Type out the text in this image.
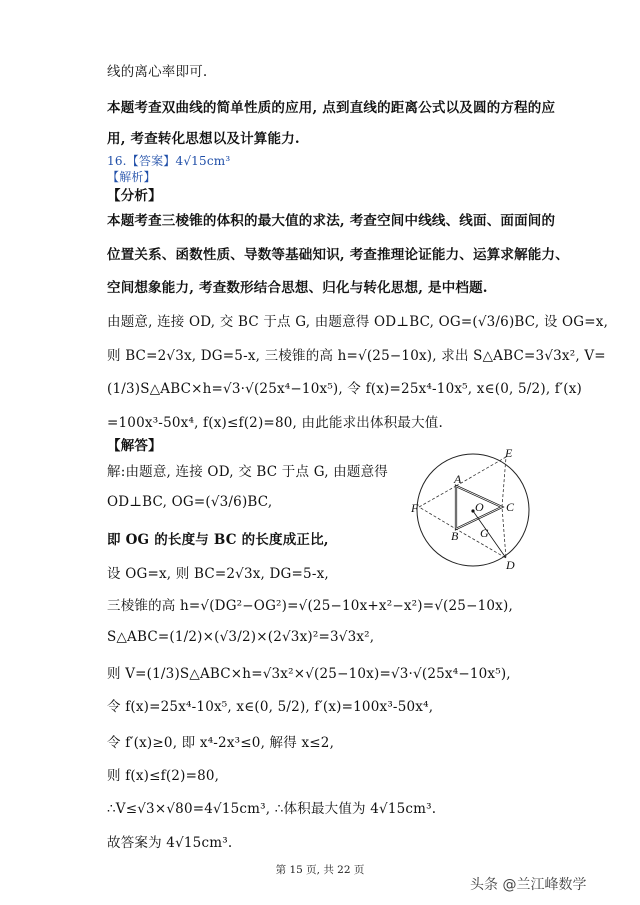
线的离心率即可.
本题考查双曲线的简单性质的应用, 点到直线的距离公式以及圆的方程的应
用, 考查转化思想以及计算能力.
16.【答案】4√15cm³
【解析】
【分析】
本题考查三棱锥的体积的最大值的求法, 考查空间中线线、线面、面面间的
位置关系、函数性质、导数等基础知识, 考查推理论证能力、运算求解能力、
空间想象能力, 考查数形结合思想、归化与转化思想, 是中档题.
由题意, 连接 OD, 交 BC 于点 G, 由题意得 OD⊥BC, OG=(√3/6)BC, 设 OG=x,
则 BC=2√3x, DG=5-x, 三棱锥的高 h=√(25−10x), 求出 S△ABC=3√3x², V=
(1/3)S△ABC×h=√3·√(25x⁴−10x⁵), 令 f(x)=25x⁴-10x⁵, x∈(0, 5/2), f′(x)
=100x³-50x⁴, f(x)≤f(2)=80, 由此能求出体积最大值.
【解答】
解:由题意, 连接 OD, 交 BC 于点 G, 由题意得
OD⊥BC, OG=(√3/6)BC,
即 OG 的长度与 BC 的长度成正比,
设 OG=x, 则 BC=2√3x, DG=5-x,
三棱锥的高 h=√(DG²−OG²)=√(25−10x+x²−x²)=√(25−10x),
S△ABC=(1/2)×(√3/2)×(2√3x)²=3√3x²,
则 V=(1/3)S△ABC×h=√3x²×√(25−10x)=√3·√(25x⁴−10x⁵),
令 f(x)=25x⁴-10x⁵, x∈(0, 5/2), f′(x)=100x³-50x⁴,
令 f′(x)≥0, 即 x⁴-2x³≤0, 解得 x≤2,
则 f(x)≤f(2)=80,
∴V≤√3×√80=4√15cm³, ∴体积最大值为 4√15cm³.
故答案为 4√15cm³.
A
B
C
D
E
F
G
O
第 15 页, 共 22 页
头条 @兰江峰数学
